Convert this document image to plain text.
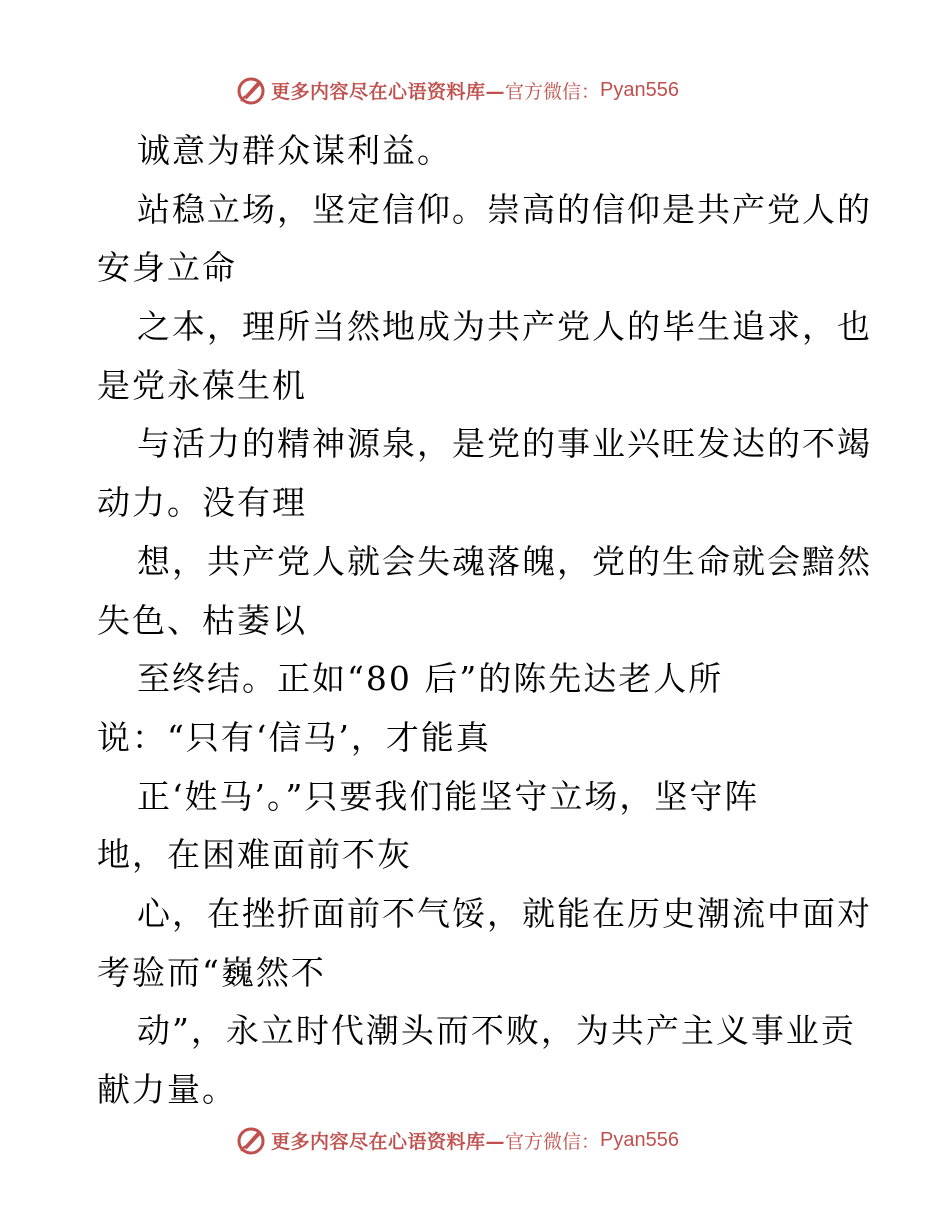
更多内容尽在心语资料库— 官方微信： Pyan556
诚意为群众谋利益。
站稳立场，坚定信仰。崇高的信仰是共产党人的
安身立命
之本，理所当然地成为共产党人的毕生追求，也
是党永葆生机
与活力的精神源泉，是党的事业兴旺发达的不竭
动力。没有理
想，共产党人就会失魂落魄，党的生命就会黯然
失色、枯萎以
至终结。正如“80 后”的陈先达老人所
说：“只有‘信马’，才能真
正‘姓马’。”只要我们能坚守立场，坚守阵
地，在困难面前不灰
心，在挫折面前不气馁，就能在历史潮流中面对
考验而“巍然不
动”，永立时代潮头而不败，为共产主义事业贡
献力量。
更多内容尽在心语资料库— 官方微信： Pyan556
